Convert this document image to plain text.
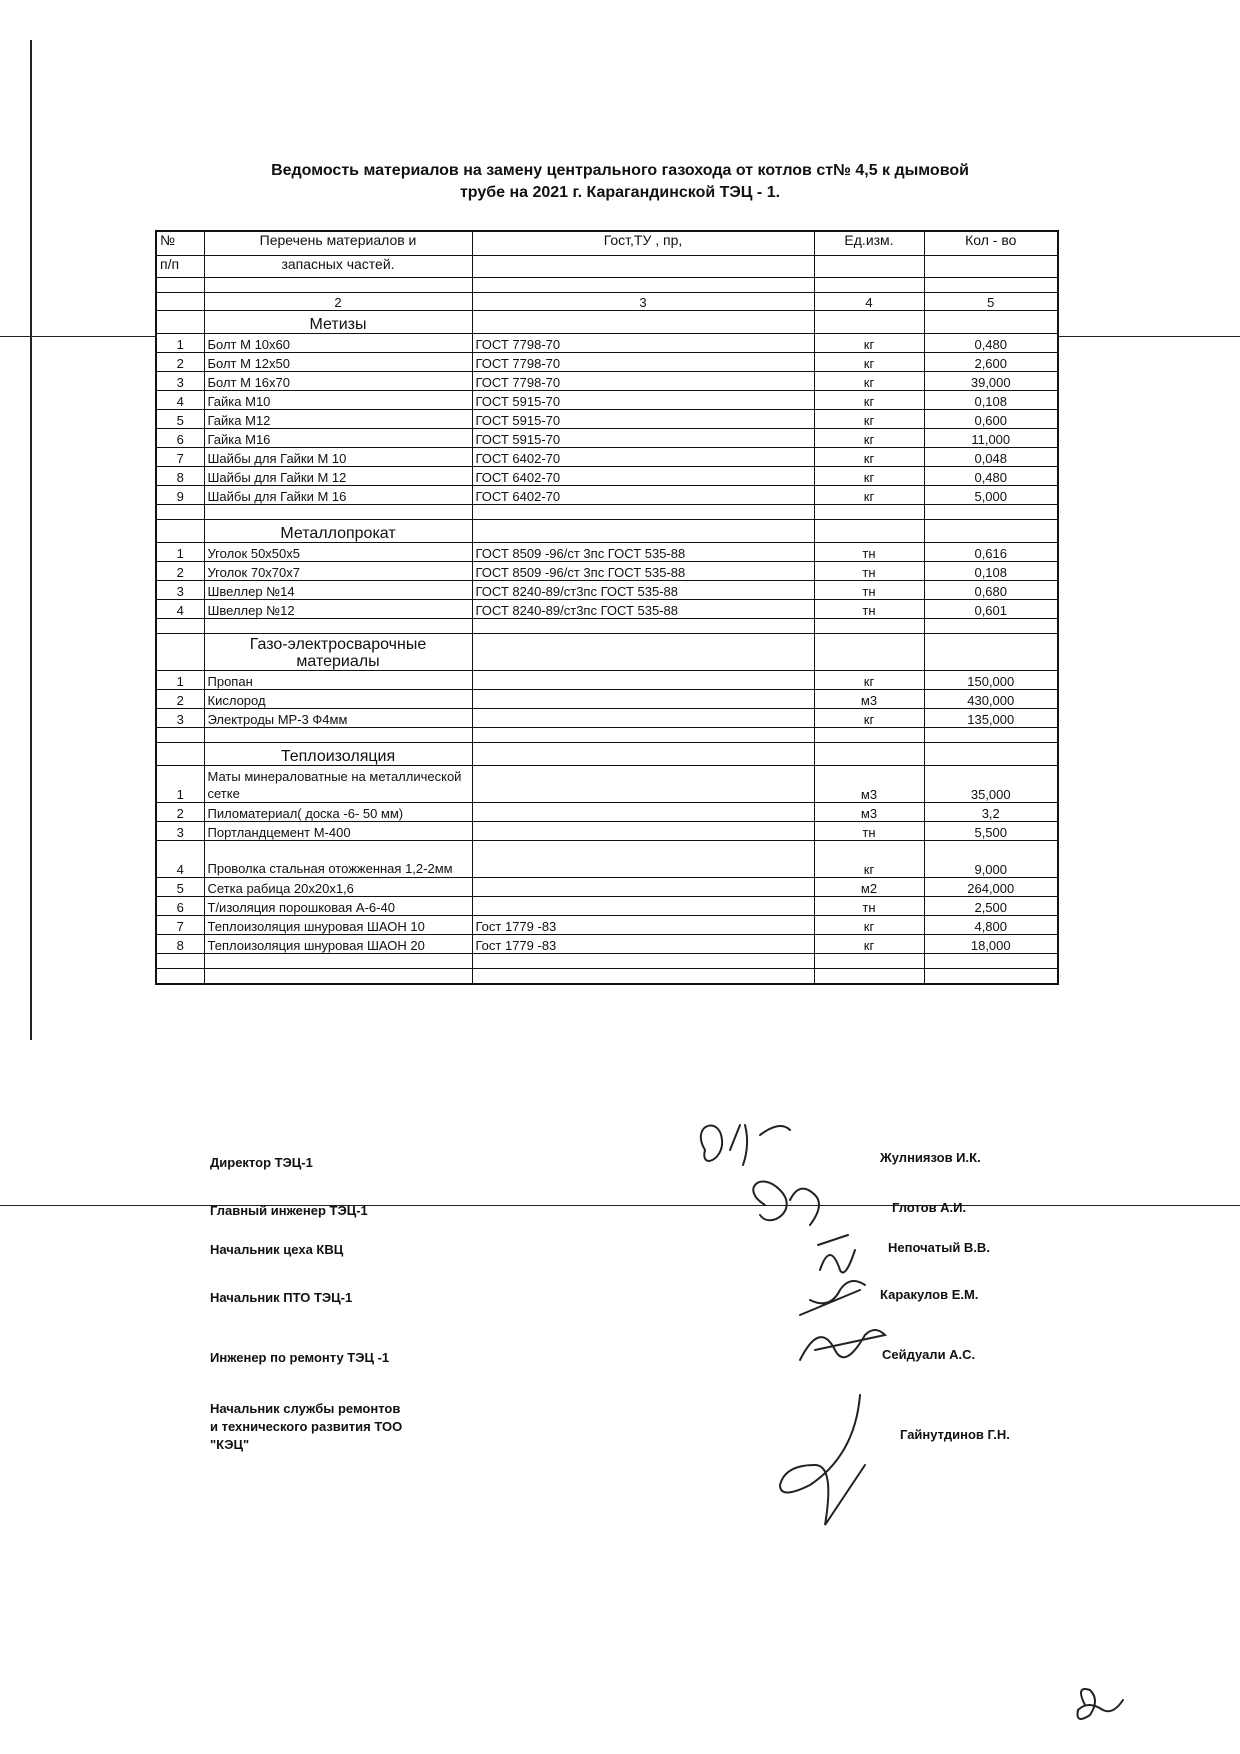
Ведомость материалов на замену центрального газохода от котлов ст№ 4,5 к дымовой
трубе на 2021 г. Карагандинской ТЭЦ - 1.
№	Перечень материалов и	Гост,ТУ , пр,	Ед.изм.	Кол - во
п/п	запасных частей.			

	2	3	4	5
	Метизы			
1	Болт М 10х60	ГОСТ 7798-70	кг	0,480
2	Болт М 12х50	ГОСТ 7798-70	кг	2,600
3	Болт М 16х70	ГОСТ 7798-70	кг	39,000
4	Гайка М10	ГОСТ 5915-70	кг	0,108
5	Гайка М12	ГОСТ 5915-70	кг	0,600
6	Гайка М16	ГОСТ 5915-70	кг	11,000
7	Шайбы для Гайки М 10	ГОСТ 6402-70	кг	0,048
8	Шайбы для Гайки М 12	ГОСТ 6402-70	кг	0,480
9	Шайбы для Гайки М 16	ГОСТ 6402-70	кг	5,000

	Металлопрокат			
1	Уголок 50х50х5	ГОСТ 8509 -96/ст 3пс ГОСТ 535-88	тн	0,616
2	Уголок 70х70х7	ГОСТ 8509 -96/ст 3пс ГОСТ 535-88	тн	0,108
3	Швеллер №14	ГОСТ 8240-89/ст3пс ГОСТ 535-88	тн	0,680
4	Швеллер №12	ГОСТ 8240-89/ст3пс ГОСТ 535-88	тн	0,601

	Газо-электросварочные
материалы			

1	Пропан		кг	150,000
2	Кислород		м3	430,000
3	Электроды МР-3 Ф4мм		кг	135,000

	Теплоизоляция			
1	Маты минераловатные на металлической сетке		м3	35,000
2	Пиломатериал( доска -6- 50 мм)		м3	3,2
3	Портландцемент М-400		тн	5,500
4	Проволка стальная отожженная 1,2-2мм		кг	9,000
5	Сетка рабица 20х20х1,6		м2	264,000
6	Т/изоляция порошковая А-6-40		тн	2,500
7	Теплоизоляция шнуровая ШАОН 10	Гост 1779 -83	кг	4,800
8	Теплоизоляция шнуровая ШАОН 20	Гост 1779 -83	кг	18,000

Директор ТЭЦ-1	Жулниязов И.К.
Главный инженер ТЭЦ-1	Глотов А.И.
Начальник цеха КВЦ	Непочатый В.В.
Начальник ПТО ТЭЦ-1	Каракулов Е.М.
Инженер по ремонту ТЭЦ -1	Сейдуали А.С.
Начальник службы ремонтов
и технического развития ТОО
"КЭЦ"
Гайнутдинов Г.Н.
